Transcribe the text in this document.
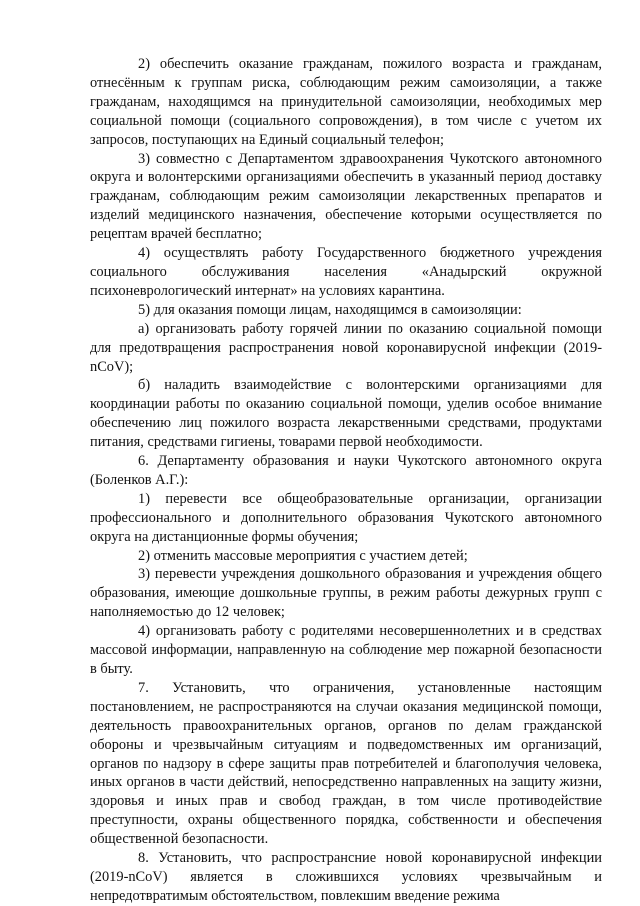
2) обеспечить оказание гражданам, пожилого возраста и гражданам, отнесённым к группам риска, соблюдающим режим самоизоляции, а также гражданам, находящимся на принудительной самоизоляции, необходимых мер социальной помощи (социального сопровождения), в том числе с учетом их запросов, поступающих на Единый социальный телефон;

3) совместно с Департаментом здравоохранения Чукотского автономного округа и волонтерскими организациями обеспечить в указанный период доставку гражданам, соблюдающим режим самоизоляции лекарственных препаратов и изделий медицинского назначения, обеспечение которыми осуществляется по рецептам врачей бесплатно;

4) осуществлять работу Государственного бюджетного учреждения социального обслуживания населения «Анадырский окружной психоневрологический интернат» на условиях карантина.

5) для оказания помощи лицам, находящимся в самоизоляции:

а) организовать работу горячей линии по оказанию социальной помощи для предотвращения распространения новой коронавирусной инфекции (2019-nCoV);

б) наладить взаимодействие с волонтерскими организациями для координации работы по оказанию социальной помощи, уделив особое внимание обеспечению лиц пожилого возраста лекарственными средствами, продуктами питания, средствами гигиены, товарами первой необходимости.

6. Департаменту образования и науки Чукотского автономного округа (Боленков А.Г.):

1) перевести все общеобразовательные организации, организации профессионального и дополнительного образования Чукотского автономного округа на дистанционные формы обучения;

2) отменить массовые мероприятия с участием детей;

3) перевести учреждения дошкольного образования и учреждения общего образования, имеющие дошкольные группы, в режим работы дежурных групп с наполняемостью до 12 человек;

4) организовать работу с родителями несовершеннолетних и в средствах массовой информации, направленную на соблюдение мер пожарной безопасности в быту.

7. Установить, что ограничения, установленные настоящим постановлением, не распространяются на случаи оказания медицинской помощи, деятельность правоохранительных органов, органов по делам гражданской обороны и чрезвычайным ситуациям и подведомственных им организаций, органов по надзору в сфере защиты прав потребителей и благополучия человека, иных органов в части действий, непосредственно направленных на защиту жизни, здоровья и иных прав и свобод граждан, в том числе противодействие преступности, охраны общественного порядка, собственности и обеспечения общественной безопасности.

8. Установить, что распространсние новой коронавирусной инфекции (2019-nCoV) является в сложившихся условиях чрезвычайным и непредотвратимым обстоятельством, повлекшим введение режима
